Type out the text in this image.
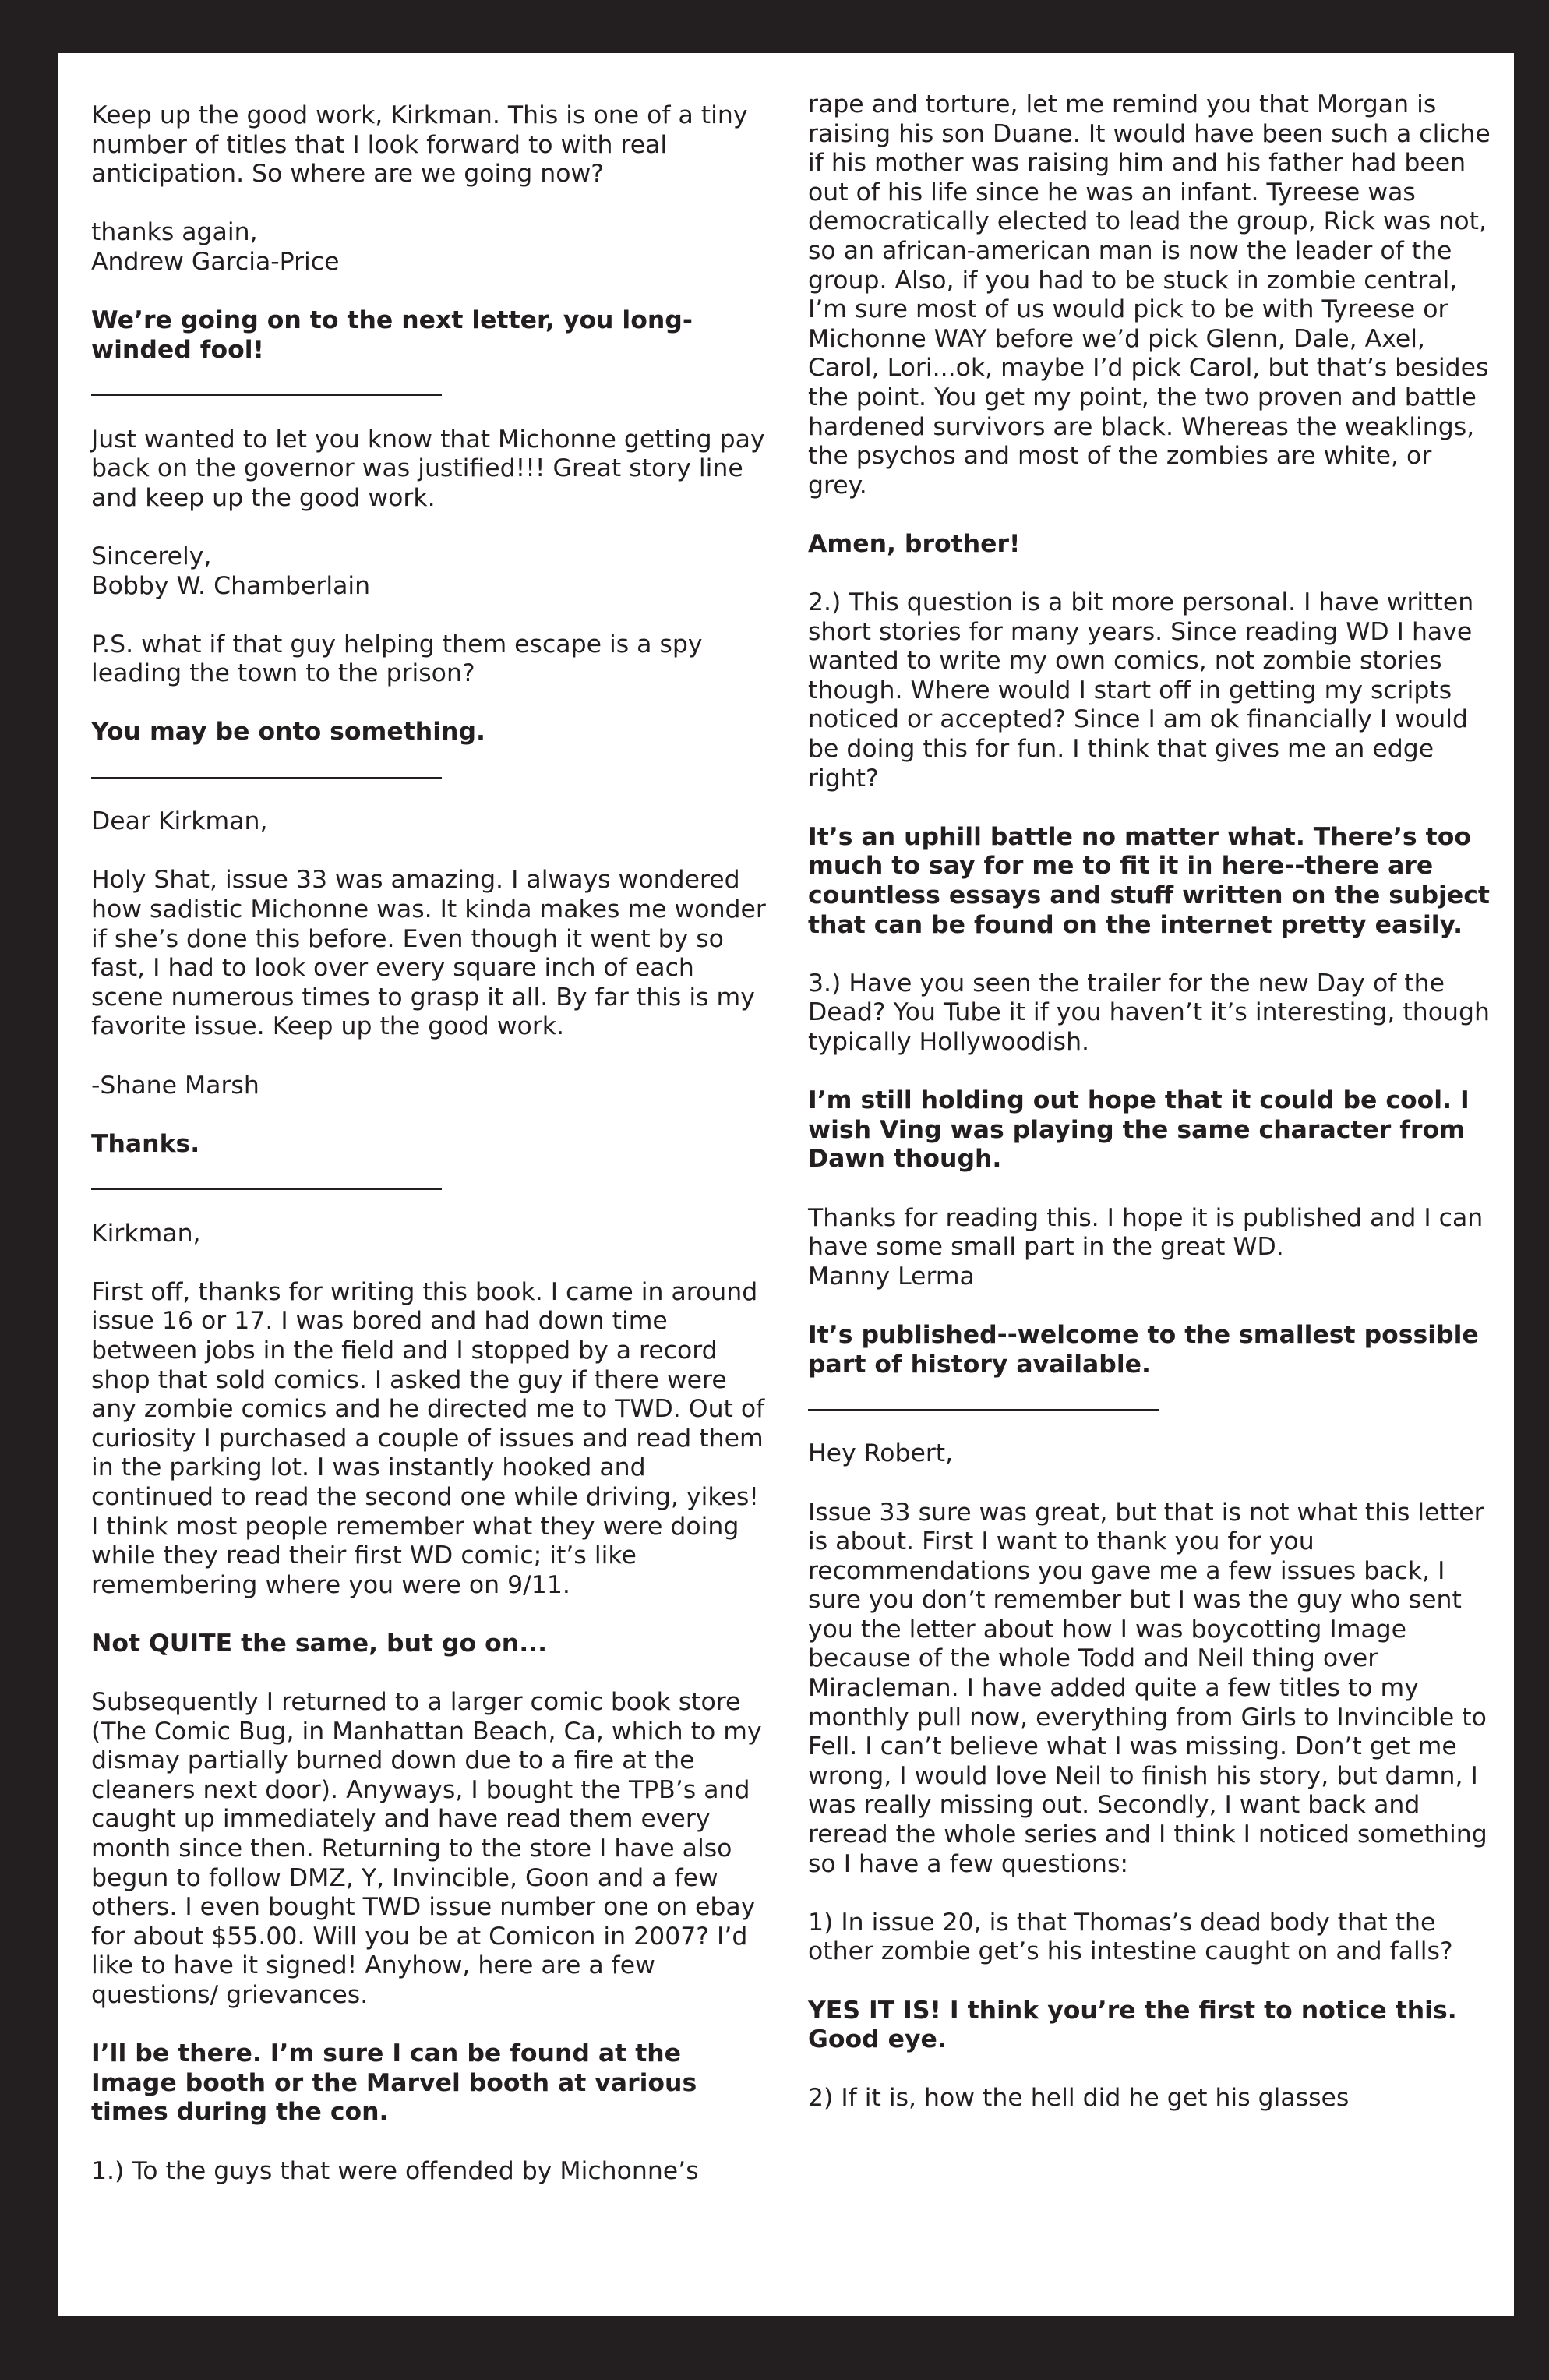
Keep up the good work, Kirkman. This is one of a tiny number of titles that I look forward to with real anticipation. So where are we going now?
thanks again,
Andrew Garcia-Price
We’re going on to the next letter, you long-winded fool!
Just wanted to let you know that Michonne getting pay back on the governor was justified!!! Great story line and keep up the good work.
Sincerely,
Bobby W. Chamberlain
P.S. what if that guy helping them escape is a spy leading the town to the prison?
You may be onto something.
Dear Kirkman,
Holy Shat, issue 33 was amazing. I always wondered how sadistic Michonne was. It kinda makes me wonder if she’s done this before. Even though it went by so fast, I had to look over every square inch of each scene numerous times to grasp it all. By far this is my favorite issue. Keep up the good work.
-Shane Marsh
Thanks.
Kirkman,
First off, thanks for writing this book. I came in around issue 16 or 17. I was bored and had down time between jobs in the field and I stopped by a record shop that sold comics. I asked the guy if there were any zombie comics and he directed me to TWD. Out of curiosity I purchased a couple of issues and read them in the parking lot. I was instantly hooked and continued to read the second one while driving, yikes! I think most people remember what they were doing while they read their first WD comic; it’s like remembering where you were on 9/11.
Not QUITE the same, but go on...
Subsequently I returned to a larger comic book store (The Comic Bug, in Manhattan Beach, Ca, which to my dismay partially burned down due to a fire at the cleaners next door). Anyways, I bought the TPB’s and caught up immediately and have read them every month since then. Returning to the store I have also begun to follow DMZ, Y, Invincible, Goon and a few others. I even bought TWD issue number one on ebay for about $55.00. Will you be at Comicon in 2007? I’d like to have it signed! Anyhow, here are a few questions/ grievances.
I’ll be there. I’m sure I can be found at the Image booth or the Marvel booth at various times during the con.
1.) To the guys that were offended by Michonne’s
rape and torture, let me remind you that Morgan is raising his son Duane. It would have been such a cliche if his mother was raising him and his father had been out of his life since he was an infant. Tyreese was democratically elected to lead the group, Rick was not, so an african-american man is now the leader of the group. Also, if you had to be stuck in zombie central, I’m sure most of us would pick to be with Tyreese or Michonne WAY before we’d pick Glenn, Dale, Axel, Carol, Lori...ok, maybe I’d pick Carol, but that’s besides the point. You get my point, the two proven and battle hardened survivors are black. Whereas the weaklings, the psychos and most of the zombies are white, or grey.
Amen, brother!
2.) This question is a bit more personal. I have written short stories for many years. Since reading WD I have wanted to write my own comics, not zombie stories though. Where would I start off in getting my scripts noticed or accepted? Since I am ok financially I would be doing this for fun. I think that gives me an edge right?
It’s an uphill battle no matter what. There’s too much to say for me to fit it in here--there are countless essays and stuff written on the subject that can be found on the internet pretty easily.
3.) Have you seen the trailer for the new Day of the Dead? You Tube it if you haven’t it’s interesting, though typically Hollywoodish.
I’m still holding out hope that it could be cool. I wish Ving was playing the same character from Dawn though.
Thanks for reading this. I hope it is published and I can have some small part in the great WD.
Manny Lerma
It’s published--welcome to the smallest possible part of history available.
Hey Robert,
Issue 33 sure was great, but that is not what this letter is about. First I want to thank you for you recommendations you gave me a few issues back, I sure you don’t remember but I was the guy who sent you the letter about how I was boycotting Image because of the whole Todd and Neil thing over Miracleman. I have added quite a few titles to my monthly pull now, everything from Girls to Invincible to Fell. I can’t believe what I was missing. Don’t get me wrong, I would love Neil to finish his story, but damn, I was really missing out. Secondly, I want back and reread the whole series and I think I noticed something so I have a few questions:
1) In issue 20, is that Thomas’s dead body that the other zombie get’s his intestine caught on and falls?
YES IT IS! I think you’re the first to notice this. Good eye.
2) If it is, how the hell did he get his glasses
